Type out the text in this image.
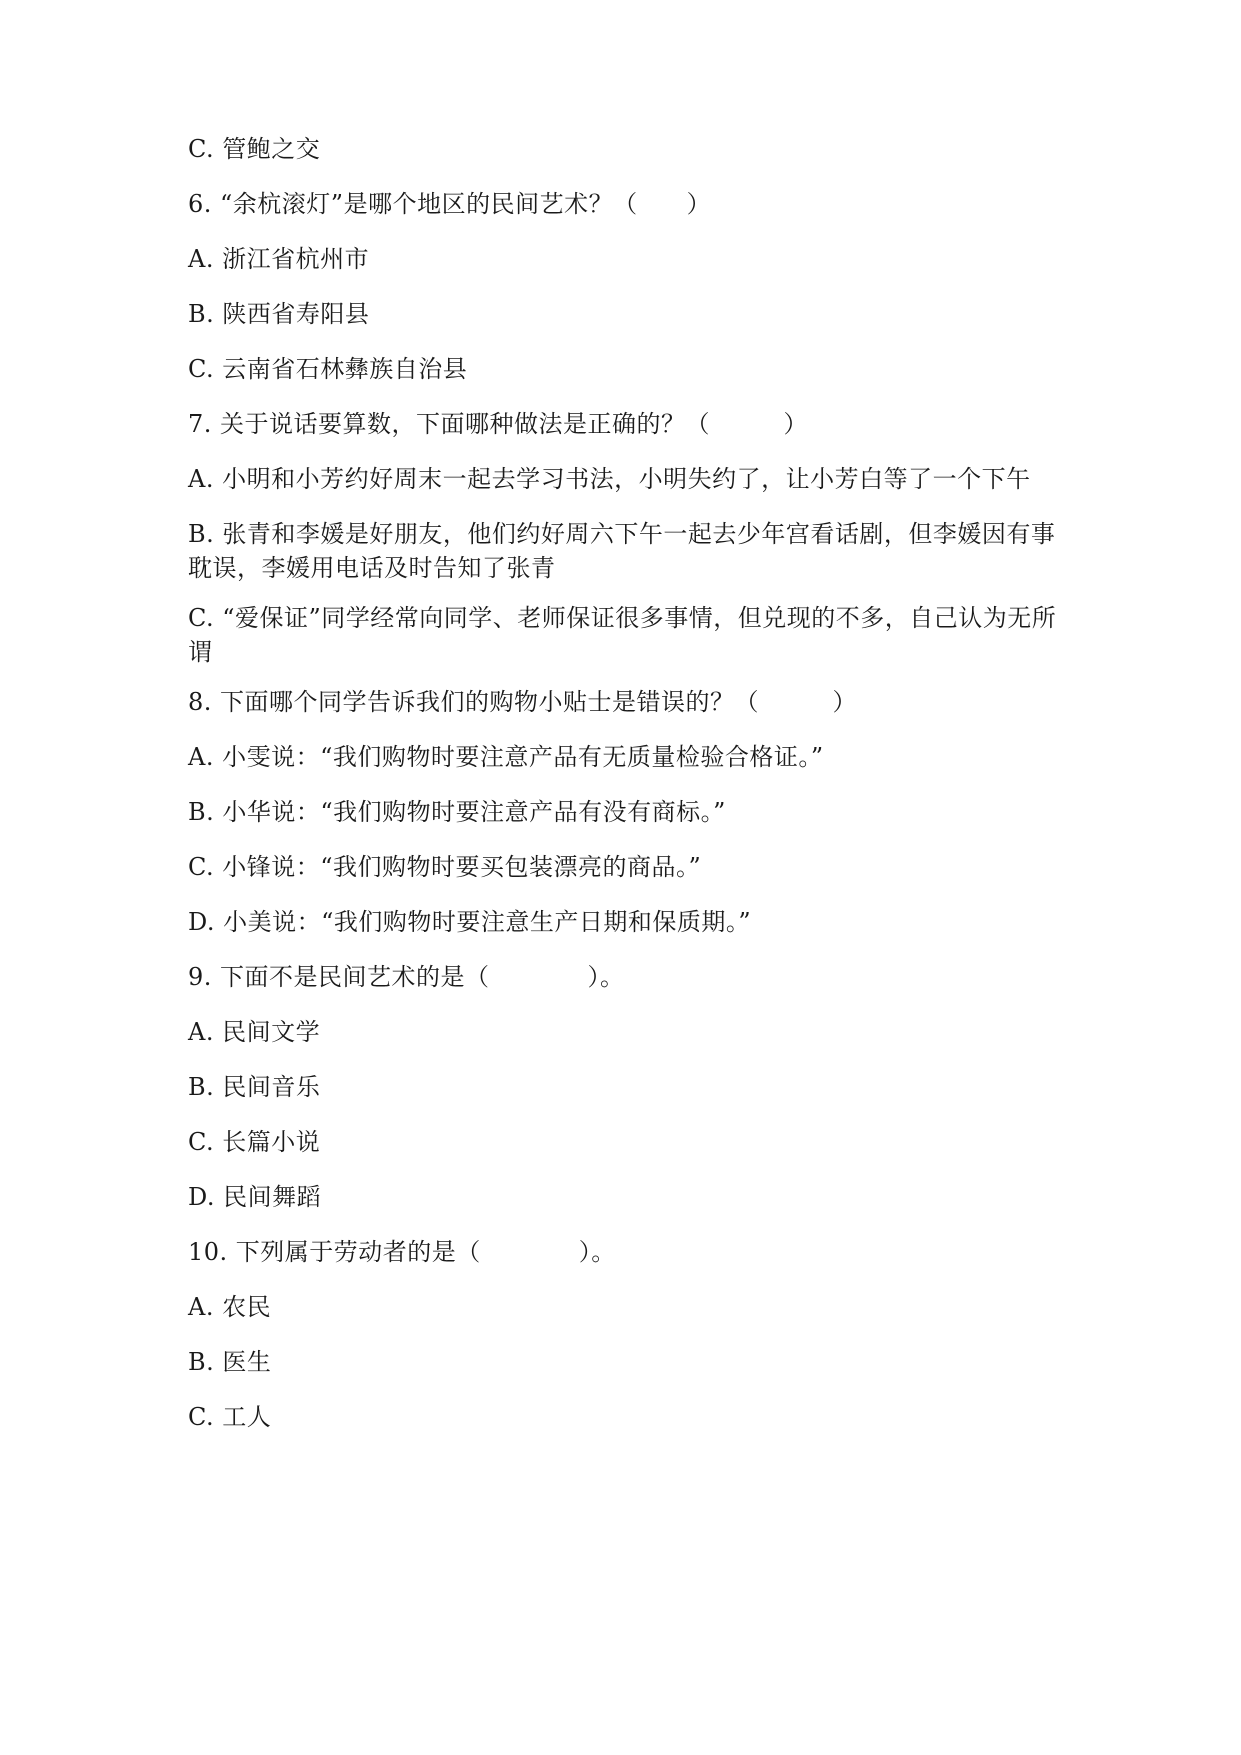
C. 管鲍之交
6. “余杭滚灯”是哪个地区的民间艺术？（　　）
A. 浙江省杭州市
B. 陕西省寿阳县
C. 云南省石林彝族自治县
7. 关于说话要算数，下面哪种做法是正确的？（　　　）
A. 小明和小芳约好周末一起去学习书法，小明失约了，让小芳白等了一个下午
B. 张青和李媛是好朋友，他们约好周六下午一起去少年宫看话剧，但李媛因有事耽误，李媛用电话及时告知了张青
C. “爱保证”同学经常向同学、老师保证很多事情，但兑现的不多，自己认为无所谓
8. 下面哪个同学告诉我们的购物小贴士是错误的？（　　　）
A. 小雯说：“我们购物时要注意产品有无质量检验合格证。”
B. 小华说：“我们购物时要注意产品有没有商标。”
C. 小锋说：“我们购物时要买包装漂亮的商品。”
D. 小美说：“我们购物时要注意生产日期和保质期。”
9. 下面不是民间艺术的是（　　　　）。
A. 民间文学
B. 民间音乐
C. 长篇小说
D. 民间舞蹈
10. 下列属于劳动者的是（　　　　）。
A. 农民
B. 医生
C. 工人
